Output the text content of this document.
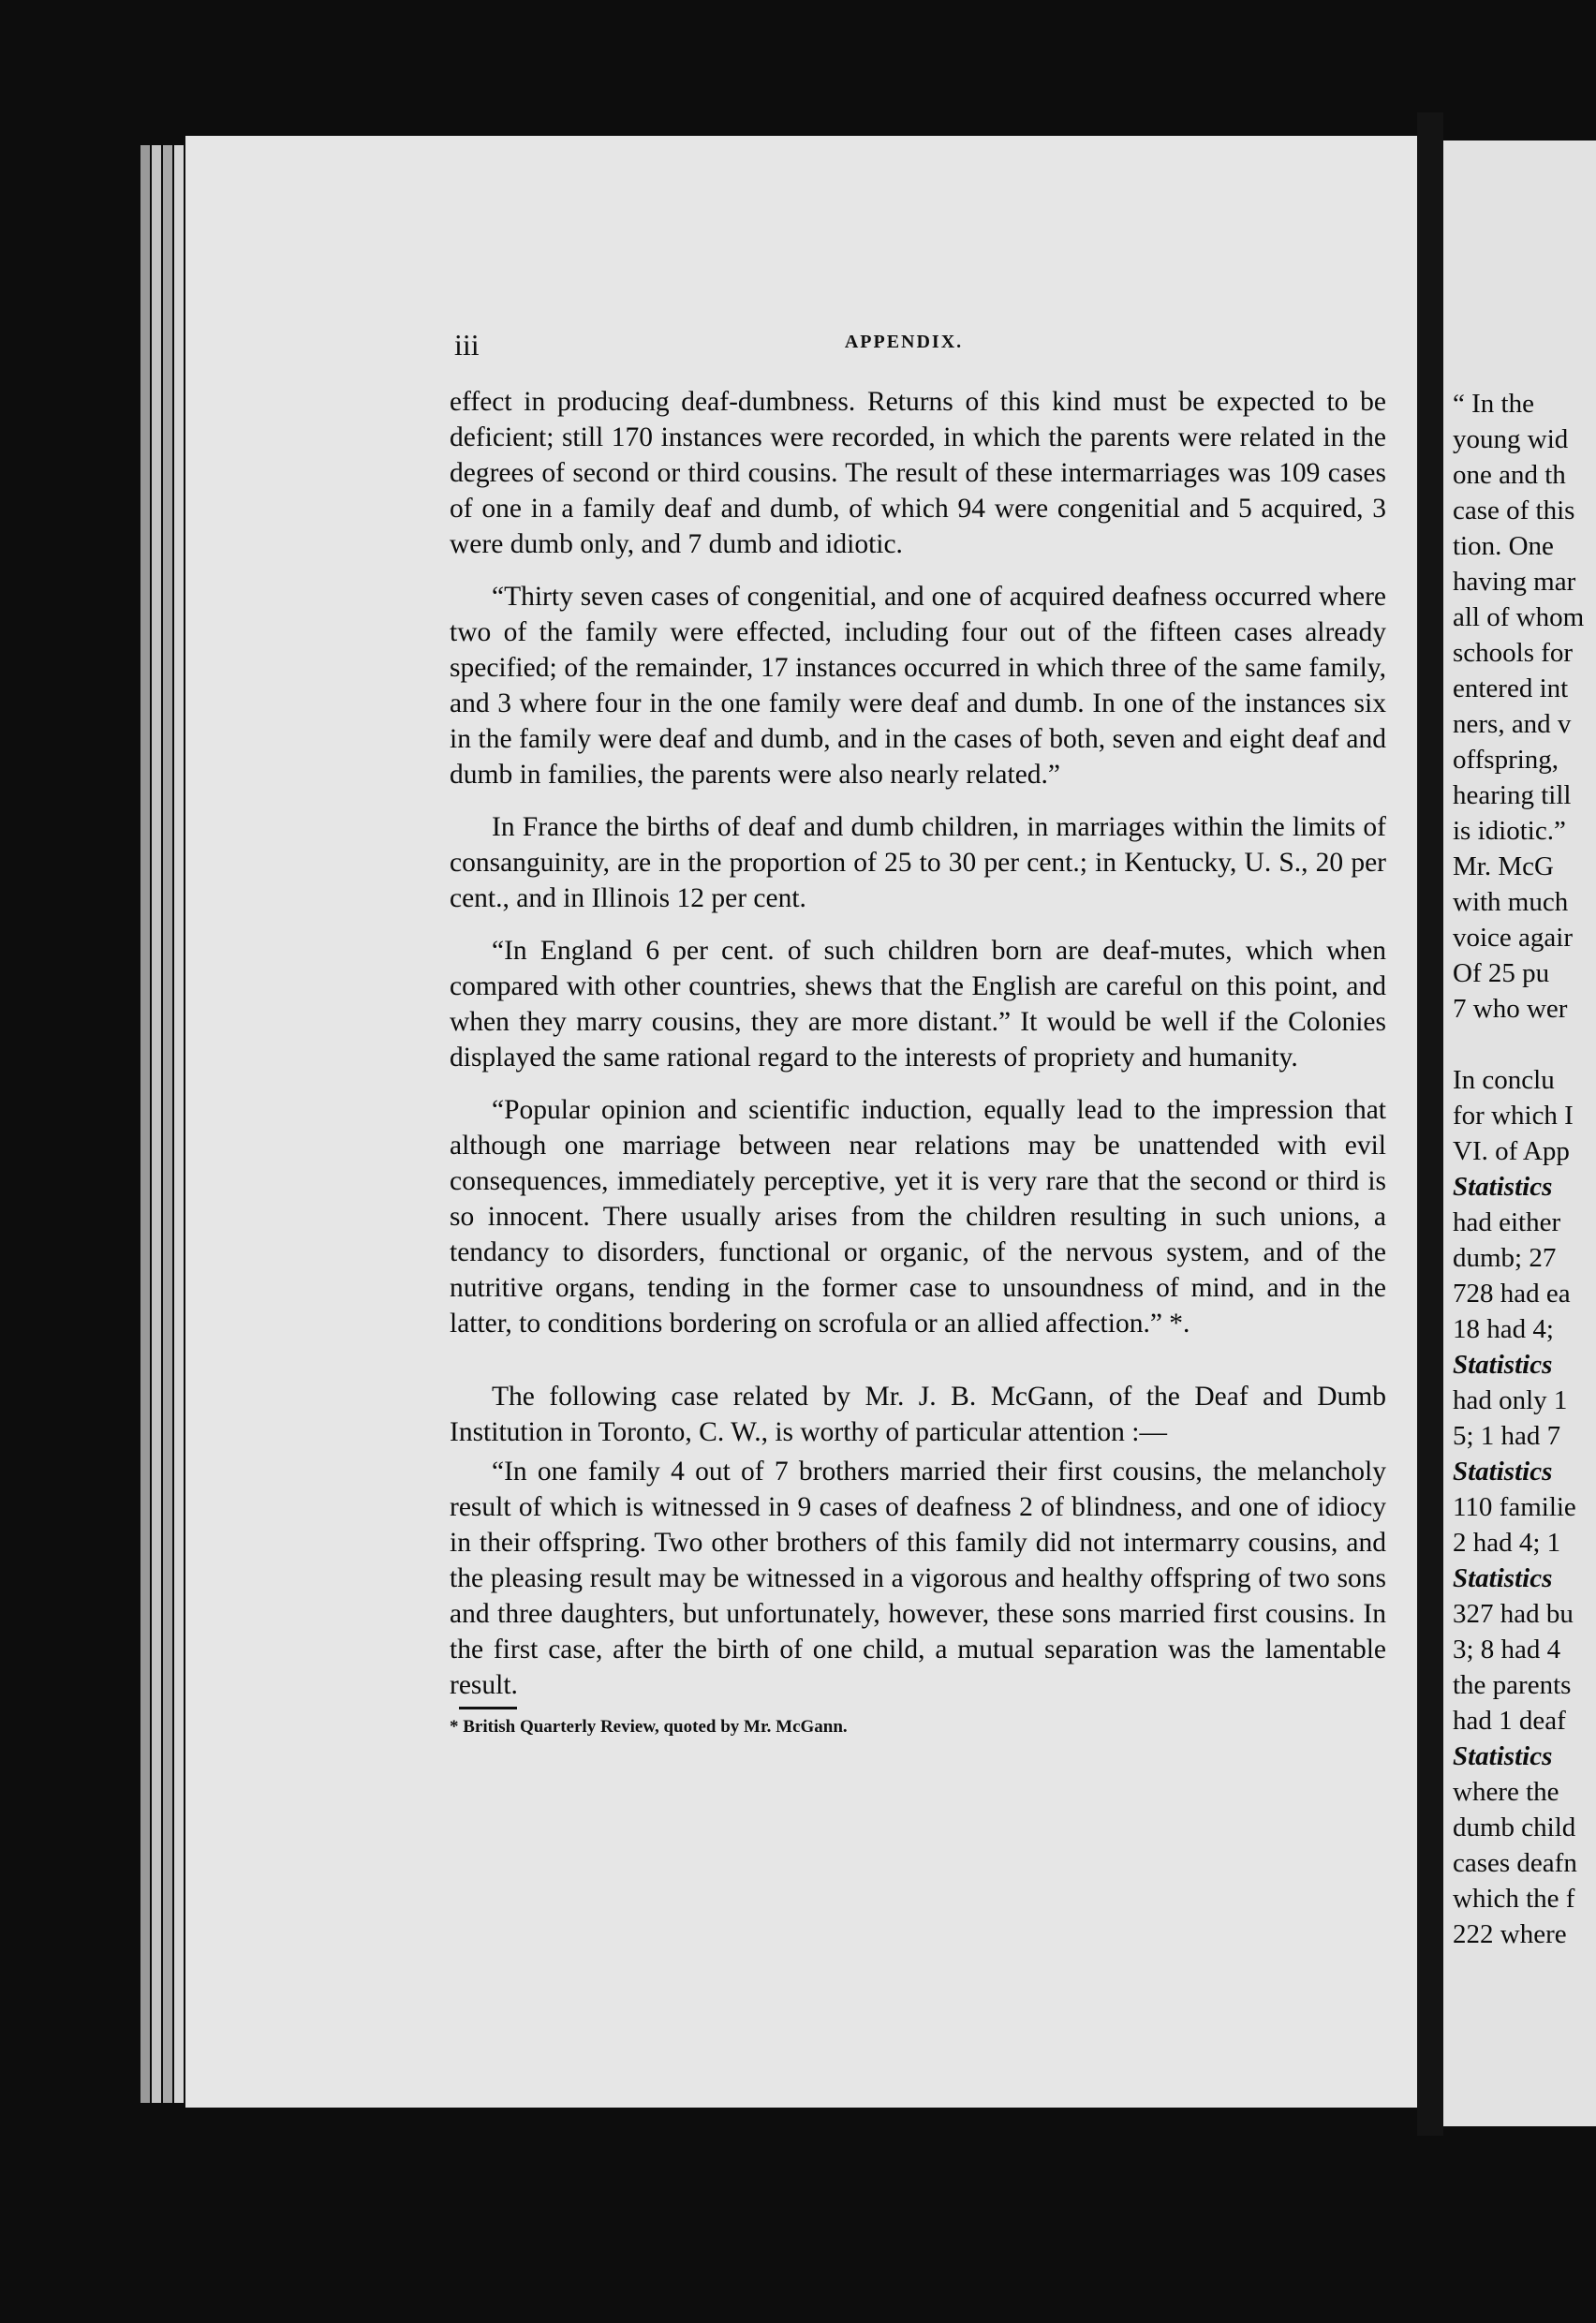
“ In the
young wid
one and th
case of this
tion. One
having mar
all of whom
schools for
entered int
ners, and v
offspring,
hearing till
is idiotic.”
Mr. McG
with much
voice agair
Of 25 pu
7 who wer
In conclu
for which I
VI. of App
Statistics
had either
dumb; 27
728 had ea
18 had 4;
Statistics
had only 1
5; 1 had 7
Statistics
110 familie
2 had 4; 1
Statistics
327 had bu
3; 8 had 4
the parents
had 1 deaf
Statistics
where the
dumb child
cases deafn
which the f
222 where
iii	APPENDIX.

effect in producing deaf-dumbness. Returns of this kind must be expected to be deficient; still 170 instances were recorded, in which the parents were related in the degrees of second or third cousins. The result of these intermarriages was 109 cases of one in a family deaf and dumb, of which 94 were congenitial and 5 acquired, 3 were dumb only, and 7 dumb and idiotic.

“Thirty seven cases of congenitial, and one of acquired deafness occurred where two of the family were effected, including four out of the fifteen cases already specified; of the remainder, 17 instances occurred in which three of the same family, and 3 where four in the one family were deaf and dumb. In one of the instances six in the family were deaf and dumb, and in the cases of both, seven and eight deaf and dumb in families, the parents were also nearly related.”

In France the births of deaf and dumb children, in marriages within the limits of consanguinity, are in the proportion of 25 to 30 per cent.; in Kentucky, U. S., 20 per cent., and in Illinois 12 per cent.

“In England 6 per cent. of such children born are deaf-mutes, which when compared with other countries, shews that the English are careful on this point, and when they marry cousins, they are more distant.” It would be well if the Colonies displayed the same rational regard to the interests of propriety and humanity.

“Popular opinion and scientific induction, equally lead to the impression that although one marriage between near relations may be unattended with evil consequences, immediately perceptive, yet it is very rare that the second or third is so innocent. There usually arises from the children resulting in such unions, a tendancy to disorders, functional or organic, of the nervous system, and of the nutritive organs, tending in the former case to unsoundness of mind, and in the latter, to conditions bordering on scrofula or an allied affection.” *.

The following case related by Mr. J. B. McGann, of the Deaf and Dumb Institution in Toronto, C. W., is worthy of particular attention :—

“In one family 4 out of 7 brothers married their first cousins, the melancholy result of which is witnessed in 9 cases of deafness 2 of blindness, and one of idiocy in their offspring. Two other brothers of this family did not intermarry cousins, and the pleasing result may be witnessed in a vigorous and healthy offspring of two sons and three daughters, but unfortunately, however, these sons married first cousins. In the first case, after the birth of one child, a mutual separation was the lamentable result.

* British Quarterly Review, quoted by Mr. McGann.
